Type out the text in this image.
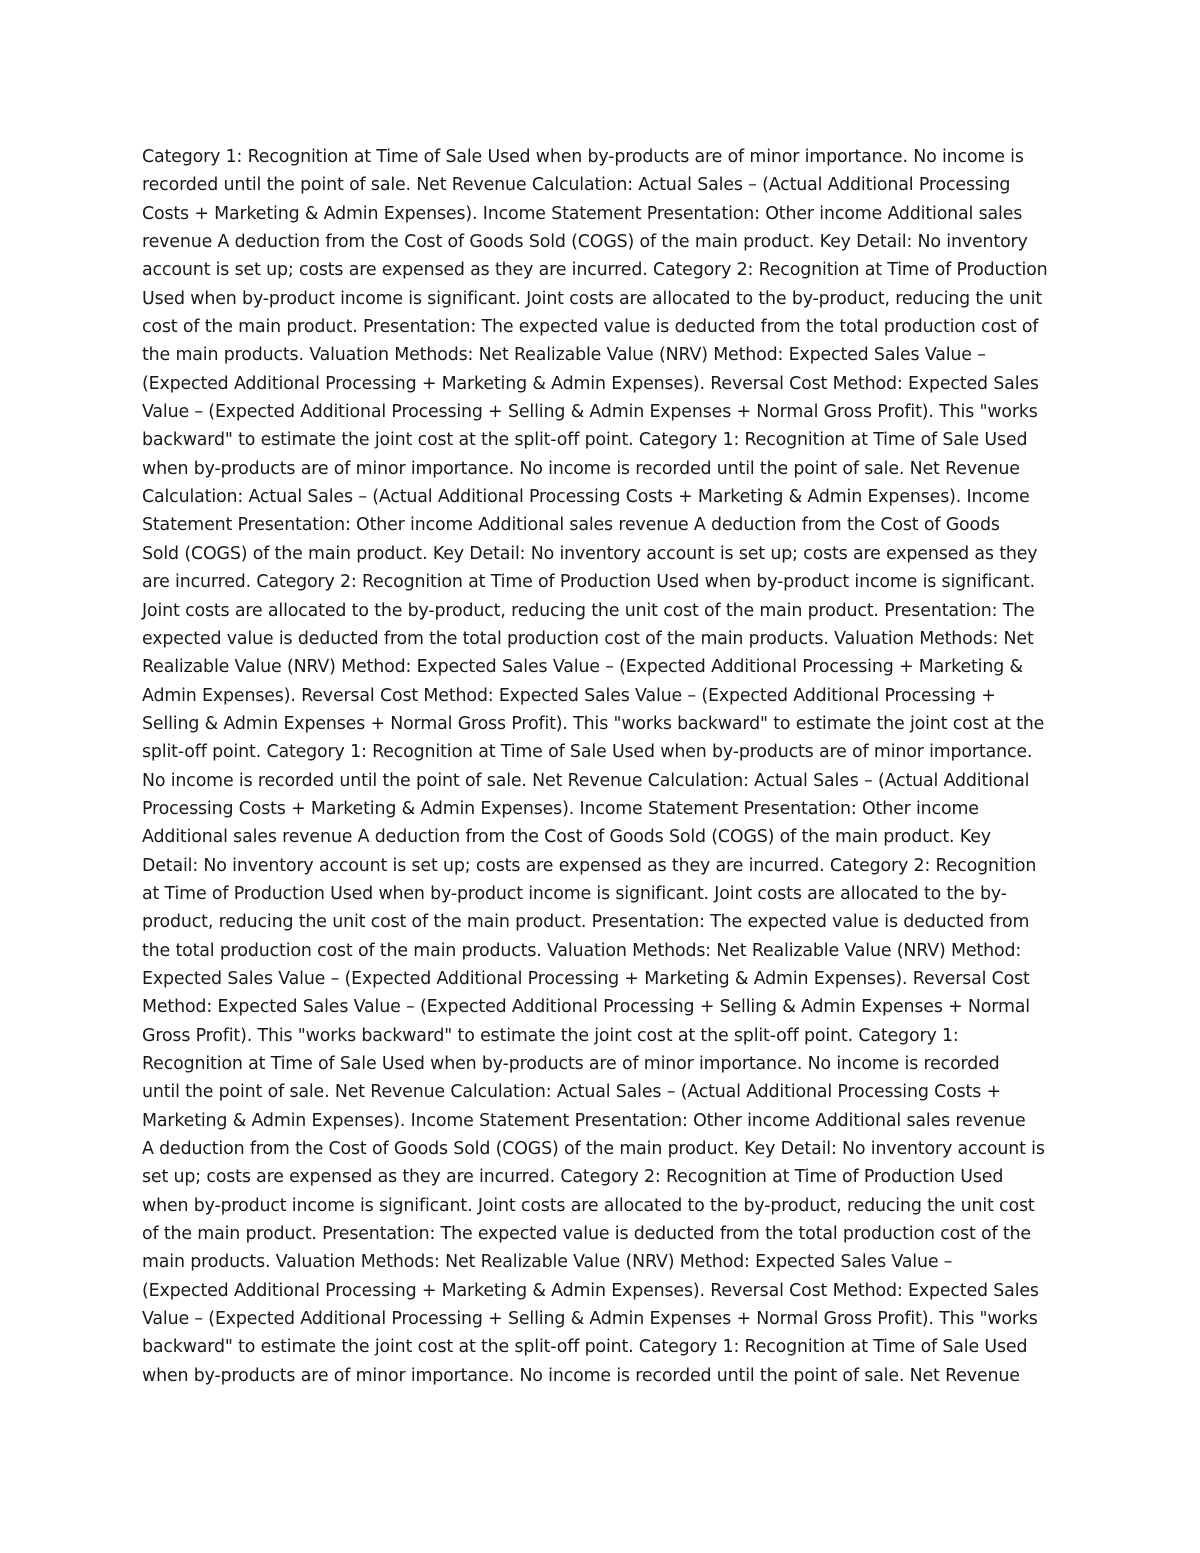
Category 1: Recognition at Time of Sale Used when by-products are of minor importance. No income is
recorded until the point of sale. Net Revenue Calculation: Actual Sales – (Actual Additional Processing
Costs + Marketing & Admin Expenses). Income Statement Presentation: Other income Additional sales
revenue A deduction from the Cost of Goods Sold (COGS) of the main product. Key Detail: No inventory
account is set up; costs are expensed as they are incurred. Category 2: Recognition at Time of Production
Used when by-product income is significant. Joint costs are allocated to the by-product, reducing the unit
cost of the main product. Presentation: The expected value is deducted from the total production cost of
the main products. Valuation Methods: Net Realizable Value (NRV) Method: Expected Sales Value –
(Expected Additional Processing + Marketing & Admin Expenses). Reversal Cost Method: Expected Sales
Value – (Expected Additional Processing + Selling & Admin Expenses + Normal Gross Profit). This "works
backward" to estimate the joint cost at the split-off point. Category 1: Recognition at Time of Sale Used
when by-products are of minor importance. No income is recorded until the point of sale. Net Revenue
Calculation: Actual Sales – (Actual Additional Processing Costs + Marketing & Admin Expenses). Income
Statement Presentation: Other income Additional sales revenue A deduction from the Cost of Goods
Sold (COGS) of the main product. Key Detail: No inventory account is set up; costs are expensed as they
are incurred. Category 2: Recognition at Time of Production Used when by-product income is significant.
Joint costs are allocated to the by-product, reducing the unit cost of the main product. Presentation: The
expected value is deducted from the total production cost of the main products. Valuation Methods: Net
Realizable Value (NRV) Method: Expected Sales Value – (Expected Additional Processing + Marketing &
Admin Expenses). Reversal Cost Method: Expected Sales Value – (Expected Additional Processing +
Selling & Admin Expenses + Normal Gross Profit). This "works backward" to estimate the joint cost at the
split-off point. Category 1: Recognition at Time of Sale Used when by-products are of minor importance.
No income is recorded until the point of sale. Net Revenue Calculation: Actual Sales – (Actual Additional
Processing Costs + Marketing & Admin Expenses). Income Statement Presentation: Other income
Additional sales revenue A deduction from the Cost of Goods Sold (COGS) of the main product. Key
Detail: No inventory account is set up; costs are expensed as they are incurred. Category 2: Recognition
at Time of Production Used when by-product income is significant. Joint costs are allocated to the by-
product, reducing the unit cost of the main product. Presentation: The expected value is deducted from
the total production cost of the main products. Valuation Methods: Net Realizable Value (NRV) Method:
Expected Sales Value – (Expected Additional Processing + Marketing & Admin Expenses). Reversal Cost
Method: Expected Sales Value – (Expected Additional Processing + Selling & Admin Expenses + Normal
Gross Profit). This "works backward" to estimate the joint cost at the split-off point. Category 1:
Recognition at Time of Sale Used when by-products are of minor importance. No income is recorded
until the point of sale. Net Revenue Calculation: Actual Sales – (Actual Additional Processing Costs +
Marketing & Admin Expenses). Income Statement Presentation: Other income Additional sales revenue
A deduction from the Cost of Goods Sold (COGS) of the main product. Key Detail: No inventory account is
set up; costs are expensed as they are incurred. Category 2: Recognition at Time of Production Used
when by-product income is significant. Joint costs are allocated to the by-product, reducing the unit cost
of the main product. Presentation: The expected value is deducted from the total production cost of the
main products. Valuation Methods: Net Realizable Value (NRV) Method: Expected Sales Value –
(Expected Additional Processing + Marketing & Admin Expenses). Reversal Cost Method: Expected Sales
Value – (Expected Additional Processing + Selling & Admin Expenses + Normal Gross Profit). This "works
backward" to estimate the joint cost at the split-off point. Category 1: Recognition at Time of Sale Used
when by-products are of minor importance. No income is recorded until the point of sale. Net Revenue
